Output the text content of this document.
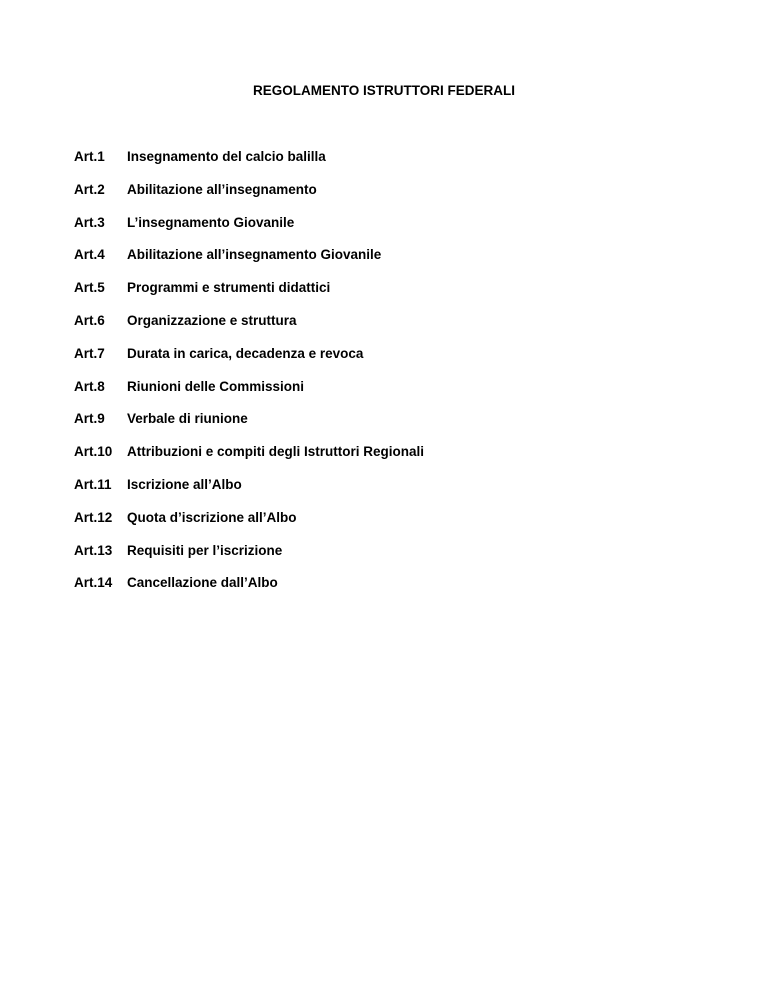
REGOLAMENTO ISTRUTTORI FEDERALI
Art.1	Insegnamento del calcio balilla
Art.2	Abilitazione all’insegnamento
Art.3	L’insegnamento Giovanile
Art.4	Abilitazione all’insegnamento Giovanile
Art.5	Programmi e strumenti didattici
Art.6	Organizzazione e struttura
Art.7	Durata in carica, decadenza e revoca
Art.8	Riunioni delle Commissioni
Art.9	Verbale di riunione
Art.10	Attribuzioni e compiti degli Istruttori Regionali
Art.11	Iscrizione all’Albo
Art.12	Quota d’iscrizione all’Albo
Art.13	Requisiti per l’iscrizione
Art.14	Cancellazione dall’Albo
